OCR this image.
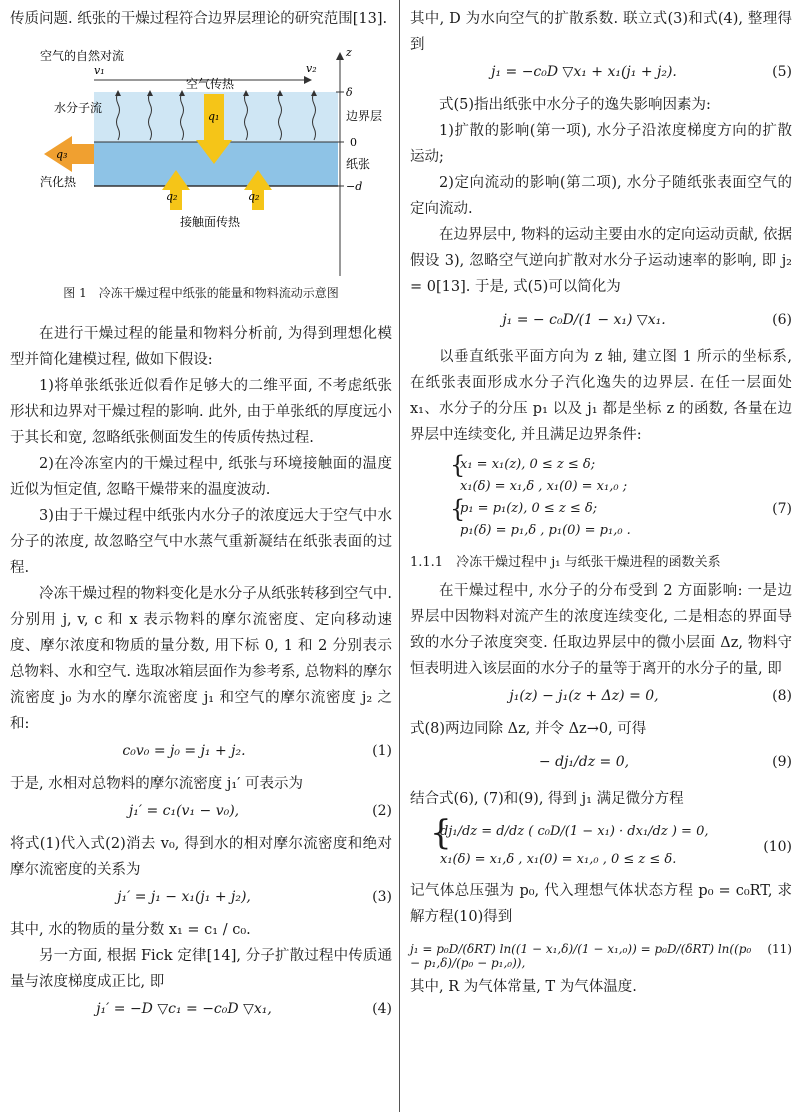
传质问题. 纸张的干燥过程符合边界层理论的研究范围[13].

空气的自然对流
v₁	v₂
空气传热
水分子流
q₁
q₃
汽化热
q₂	q₂
接触面传热
z
δ
边界层
0
纸张
−d
图 1　冷冻干燥过程中纸张的能量和物料流动示意图

在进行干燥过程的能量和物料分析前, 为得到理想化模型并简化建模过程, 做如下假设:

1)将单张纸张近似看作足够大的二维平面, 不考虑纸张形状和边界对干燥过程的影响. 此外, 由于单张纸的厚度远小于其长和宽, 忽略纸张侧面发生的传质传热过程.

2)在冷冻室内的干燥过程中, 纸张与环境接触面的温度近似为恒定值, 忽略干燥带来的温度波动.

3)由于干燥过程中纸张内水分子的浓度远大于空气中水分子的浓度, 故忽略空气中水蒸气重新凝结在纸张表面的过程.

冷冻干燥过程的物料变化是水分子从纸张转移到空气中. 分别用 j, v, c 和 x 表示物料的摩尔流密度、定向移动速度、摩尔浓度和物质的量分数, 用下标 0, 1 和 2 分别表示总物料、水和空气. 选取冰箱层面作为参考系, 总物料的摩尔流密度 j₀ 为水的摩尔流密度 j₁ 和空气的摩尔流密度 j₂ 之和:

c₀v₀ = j₀ = j₁ + j₂.	(1)

于是, 水相对总物料的摩尔流密度 j₁′ 可表示为

j₁′ = c₁(v₁ − v₀),	(2)

将式(1)代入式(2)消去 v₀, 得到水的相对摩尔流密度和绝对摩尔流密度的关系为

j₁′ = j₁ − x₁(j₁ + j₂),	(3)

其中, 水的物质的量分数 x₁ = c₁ / c₀.

另一方面, 根据 Fick 定律[14], 分子扩散过程中传质通量与浓度梯度成正比, 即

j₁′ = −D ▽c₁ = −c₀D ▽x₁,	(4)

其中, D 为水向空气的扩散系数. 联立式(3)和式(4), 整理得到

j₁ = −c₀D ▽x₁ + x₁(j₁ + j₂).	(5)

式(5)指出纸张中水分子的逸失影响因素为:

1)扩散的影响(第一项), 水分子沿浓度梯度方向的扩散运动;

2)定向流动的影响(第二项), 水分子随纸张表面空气的定向流动.

在边界层中, 物料的运动主要由水的定向运动贡献, 依据假设 3), 忽略空气逆向扩散对水分子运动速率的影响, 即 j₂ = 0[13]. 于是, 式(5)可以简化为

j₁ = − c₀D/(1 − x₁) ▽x₁.	(6)

以垂直纸张平面方向为 z 轴, 建立图 1 所示的坐标系, 在纸张表面形成水分子汽化逸失的边界层. 在任一层面处 x₁、水分子的分压 p₁ 以及 j₁ 都是坐标 z 的函数, 各量在边界层中连续变化, 并且满足边界条件:

{
{
x₁ = x₁(z), 0 ≤ z ≤ δ;
x₁(δ) = x₁,δ , x₁(0) = x₁,₀ ;
p₁ = p₁(z), 0 ≤ z ≤ δ;
p₁(δ) = p₁,δ , p₁(0) = p₁,₀ .
(7)
1.1.1　冷冻干燥过程中 j₁ 与纸张干燥进程的函数关系

在干燥过程中, 水分子的分布受到 2 方面影响: 一是边界层中因物料对流产生的浓度连续变化, 二是相态的界面导致的水分子浓度突变. 任取边界层中的微小层面 Δz, 物料守恒表明进入该层面的水分子的量等于离开的水分子的量, 即

j₁(z) − j₁(z + Δz) = 0,	(8)

式(8)两边同除 Δz, 并令 Δz→0, 可得

− dj₁/dz = 0,	(9)

结合式(6), (7)和(9), 得到 j₁ 满足微分方程

{
dj₁/dz = d/dz ( c₀D/(1 − x₁) · dx₁/dz ) = 0,
x₁(δ) = x₁,δ , x₁(0) = x₁,₀ , 0 ≤ z ≤ δ.
(10)

记气体总压强为 p₀, 代入理想气体状态方程 p₀ = c₀RT, 求解方程(10)得到

j₁ = p₀D/(δRT) ln((1 − x₁,δ)/(1 − x₁,₀)) = p₀D/(δRT) ln((p₀ − p₁,δ)/(p₀ − p₁,₀)),
(11)

其中, R 为气体常量, T 为气体温度.
